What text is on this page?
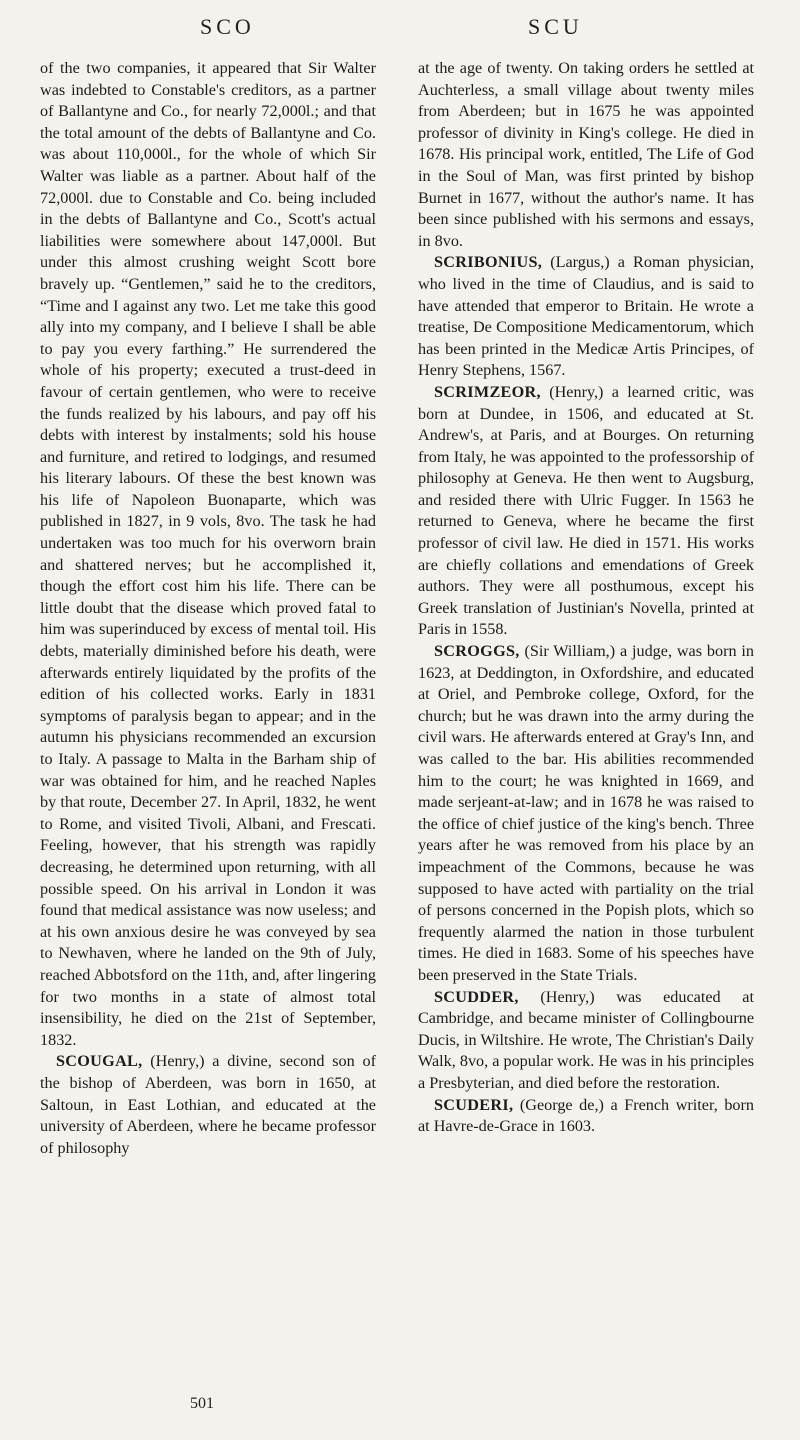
SCO	SCU

of the two companies, it appeared that Sir Walter was indebted to Constable's creditors, as a partner of Ballantyne and Co., for nearly 72,000l.; and that the total amount of the debts of Ballantyne and Co. was about 110,000l., for the whole of which Sir Walter was liable as a partner. About half of the 72,000l. due to Constable and Co. being included in the debts of Ballantyne and Co., Scott's actual liabilities were somewhere about 147,000l. But under this almost crushing weight Scott bore bravely up. “Gentlemen,” said he to the creditors, “Time and I against any two. Let me take this good ally into my company, and I believe I shall be able to pay you every farthing.” He surrendered the whole of his property; executed a trust-deed in favour of certain gentlemen, who were to receive the funds realized by his labours, and pay off his debts with interest by instalments; sold his house and furniture, and retired to lodgings, and resumed his literary labours. Of these the best known was his life of Napoleon Buonaparte, which was published in 1827, in 9 vols, 8vo. The task he had undertaken was too much for his overworn brain and shattered nerves; but he accomplished it, though the effort cost him his life. There can be little doubt that the disease which proved fatal to him was superinduced by excess of mental toil. His debts, materially diminished before his death, were afterwards entirely liquidated by the profits of the edition of his collected works. Early in 1831 symptoms of paralysis began to appear; and in the autumn his physicians recommended an excursion to Italy. A passage to Malta in the Barham ship of war was obtained for him, and he reached Naples by that route, December 27. In April, 1832, he went to Rome, and visited Tivoli, Albani, and Frescati. Feeling, however, that his strength was rapidly decreasing, he determined upon returning, with all possible speed. On his arrival in London it was found that medical assistance was now useless; and at his own anxious desire he was conveyed by sea to Newhaven, where he landed on the 9th of July, reached Abbotsford on the 11th, and, after lingering for two months in a state of almost total insensibility, he died on the 21st of September, 1832.

SCOUGAL, (Henry,) a divine, second son of the bishop of Aberdeen, was born in 1650, at Saltoun, in East Lothian, and educated at the university of Aberdeen, where he became professor of philosophy

at the age of twenty. On taking orders he settled at Auchterless, a small village about twenty miles from Aberdeen; but in 1675 he was appointed professor of divinity in King's college. He died in 1678. His principal work, entitled, The Life of God in the Soul of Man, was first printed by bishop Burnet in 1677, without the author's name. It has been since published with his sermons and essays, in 8vo.

SCRIBONIUS, (Largus,) a Roman physician, who lived in the time of Claudius, and is said to have attended that emperor to Britain. He wrote a treatise, De Compositione Medicamentorum, which has been printed in the Medicæ Artis Principes, of Henry Stephens, 1567.

SCRIMZEOR, (Henry,) a learned critic, was born at Dundee, in 1506, and educated at St. Andrew's, at Paris, and at Bourges. On returning from Italy, he was appointed to the professorship of philosophy at Geneva. He then went to Augsburg, and resided there with Ulric Fugger. In 1563 he returned to Geneva, where he became the first professor of civil law. He died in 1571. His works are chiefly collations and emendations of Greek authors. They were all posthumous, except his Greek translation of Justinian's Novella, printed at Paris in 1558.

SCROGGS, (Sir William,) a judge, was born in 1623, at Deddington, in Oxfordshire, and educated at Oriel, and Pembroke college, Oxford, for the church; but he was drawn into the army during the civil wars. He afterwards entered at Gray's Inn, and was called to the bar. His abilities recommended him to the court; he was knighted in 1669, and made serjeant-at-law; and in 1678 he was raised to the office of chief justice of the king's bench. Three years after he was removed from his place by an impeachment of the Commons, because he was supposed to have acted with partiality on the trial of persons concerned in the Popish plots, which so frequently alarmed the nation in those turbulent times. He died in 1683. Some of his speeches have been preserved in the State Trials.

SCUDDER, (Henry,) was educated at Cambridge, and became minister of Collingbourne Ducis, in Wiltshire. He wrote, The Christian's Daily Walk, 8vo, a popular work. He was in his principles a Presbyterian, and died before the restoration.

SCUDERI, (George de,) a French writer, born at Havre-de-Grace in 1603.

501
